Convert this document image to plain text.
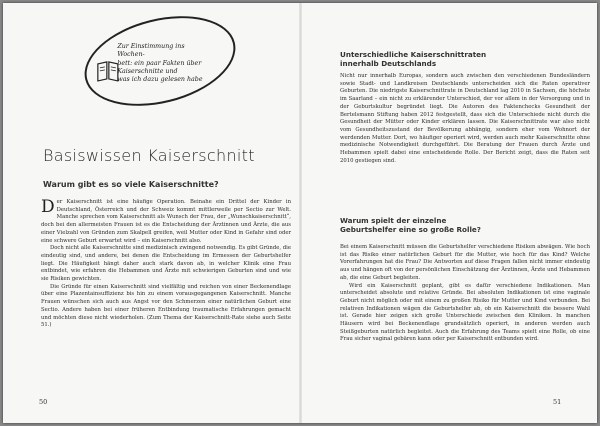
Zur Einstimmung ins Wochen-
bett: ein paar Fakten über
Kaiserschnitte und
was ich dazu gelesen habe
Basiswissen Kaiserschnitt
Warum gibt es so viele Kaiserschnitte?

Der Kaiserschnitt ist eine häufige Operation. Beinahe ein Drittel der Kinder in Deutschland, Österreich und der Schweiz kommt mittlerweile per Sectio zur Welt. Manche sprechen vom Kaiserschnitt als Wunsch der Frau, der „Wunschkaiserschnitt“, doch bei den allermeisten Frauen ist es die Entscheidung der Ärztinnen und Ärzte, die aus einer Vielzahl von Gründen zum Skalpell greifen, weil Mutter oder Kind in Gefahr sind oder eine schwere Geburt erwartet wird – ein Kaiserschnitt also.

Doch nicht alle Kaiserschnitte sind medizinisch zwingend notwendig. Es gibt Gründe, die eindeutig sind, und andere, bei denen die Entscheidung im Ermessen der Geburtshelfer liegt. Die Häufigkeit hängt daher auch stark davon ab, in welcher Klinik eine Frau entbindet, wie erfahren die Hebammen und Ärzte mit schwierigen Geburten sind und wie sie Risiken gewichten.

Die Gründe für einen Kaiserschnitt sind vielfältig und reichen von einer Beckenendlage über eine Plazentainsuffizienz bis hin zu einem vorausgegangenen Kaiserschnitt. Manche Frauen wünschen sich auch aus Angst vor den Schmerzen einer natürlichen Geburt eine Sectio. Andere haben bei einer früheren Entbindung traumatische Erfahrungen gemacht und möchten diese nicht wiederholen. (Zum Thema der Kaiserschnitt-Rate siehe auch Seite 51.)

50
Unterschiedliche Kaiserschnittraten
innerhalb Deutschlands

Nicht nur innerhalb Europas, sondern auch zwischen den verschiedenen Bundesländern sowie Stadt- und Landkreisen Deutschlands unterscheiden sich die Raten operativer Geburten. Die niedrigste Kaiserschnittrate in Deutschland lag 2010 in Sachsen, die höchste im Saarland – ein nicht zu erklärender Unterschied, der vor allem in der Versorgung und in der Geburtskultur begründet liegt. Die Autoren des Faktenchecks Gesundheit der Bertelsmann Stiftung haben 2012 festgestellt, dass sich die Unterschiede nicht durch die Gesundheit der Mütter oder Kinder erklären lassen. Die Kaiserschnittrate war also nicht vom Gesundheitszustand der Bevölkerung abhängig, sondern eher vom Wohnort der werdenden Mutter. Dort, wo häufiger operiert wird, werden auch mehr Kaiserschnitte ohne medizinische Notwendigkeit durchgeführt. Die Beratung der Frauen durch Ärzte und Hebammen spielt dabei eine entscheidende Rolle. Der Bericht zeigt, dass die Raten seit 2010 gestiegen sind.

Warum spielt der einzelne
Geburtshelfer eine so große Rolle?

Bei einem Kaiserschnitt müssen die Geburtshelfer verschiedene Risiken abwägen. Wie hoch ist das Risiko einer natürlichen Geburt für die Mutter, wie hoch für das Kind? Welche Vorerfahrungen hat die Frau? Die Antworten auf diese Fragen fallen nicht immer eindeutig aus und hängen oft von der persönlichen Einschätzung der Ärztinnen, Ärzte und Hebammen ab, die eine Geburt begleiten.

Wird ein Kaiserschnitt geplant, gibt es dafür verschiedene Indikationen. Man unterscheidet absolute und relative Gründe. Bei absoluten Indikationen ist eine vaginale Geburt nicht möglich oder mit einem zu großen Risiko für Mutter und Kind verbunden. Bei relativen Indikationen wägen die Geburtshelfer ab, ob ein Kaiserschnitt die bessere Wahl ist. Gerade hier zeigen sich große Unterschiede zwischen den Kliniken. In manchen Häusern wird bei Beckenendlage grundsätzlich operiert, in anderen werden auch Steißgeburten natürlich begleitet. Auch die Erfahrung des Teams spielt eine Rolle, ob eine Frau sicher vaginal gebären kann oder per Kaiserschnitt entbunden wird.

51
